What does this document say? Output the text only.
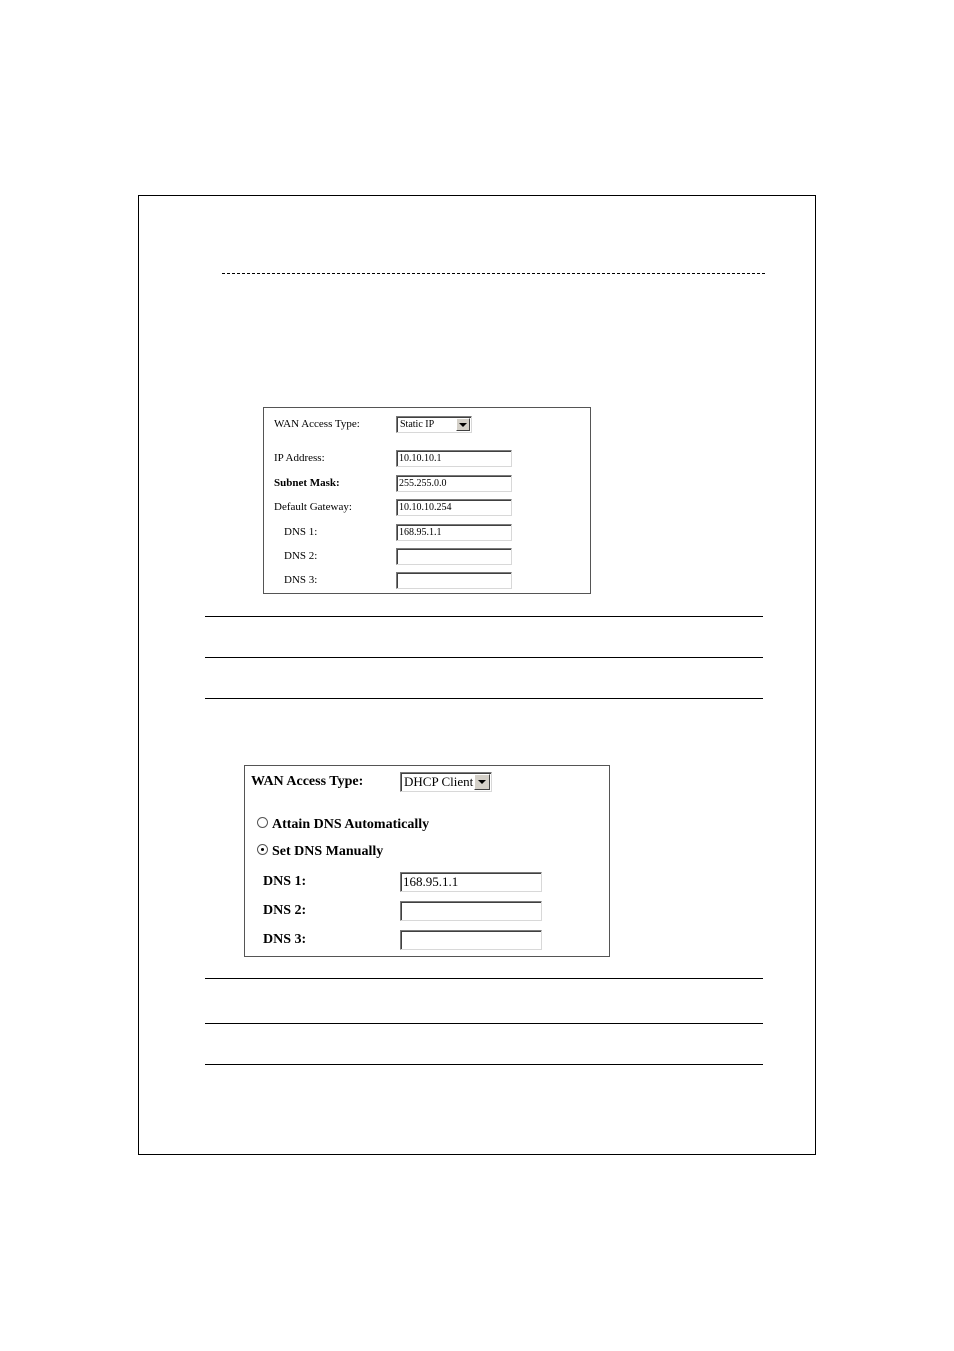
WAN Access Type:	Static IP
IP Address:	10.10.10.1
Subnet Mask:	255.255.0.0
Default Gateway:	10.10.10.254
DNS 1:	168.95.1.1
DNS 2:
DNS 3:
WAN Access Type:	DHCP Client
Attain DNS Automatically
Set DNS Manually
DNS 1:	168.95.1.1
DNS 2:
DNS 3:
